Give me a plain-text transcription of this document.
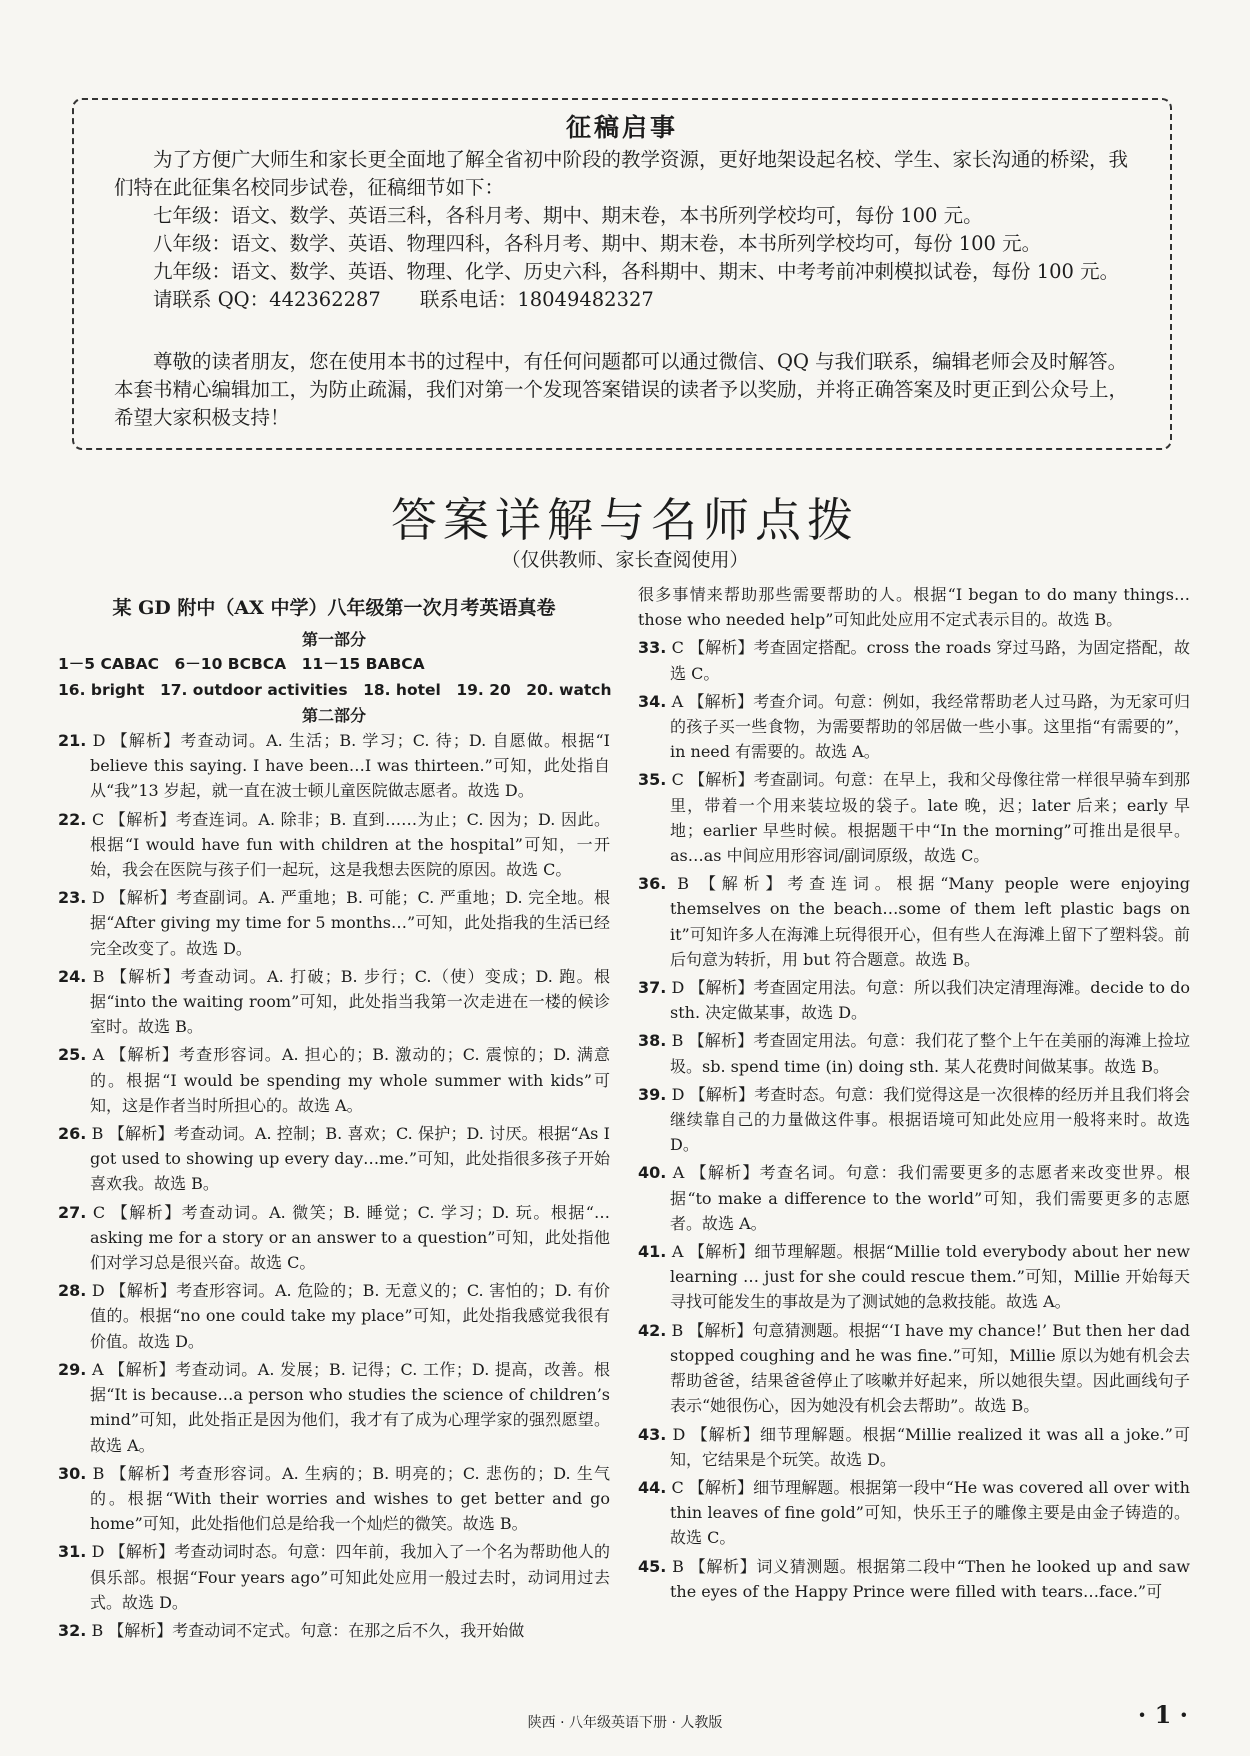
征稿启事

为了方便广大师生和家长更全面地了解全省初中阶段的教学资源，更好地架设起名校、学生、家长沟通的桥梁，我们特在此征集名校同步试卷，征稿细节如下：

七年级：语文、数学、英语三科，各科月考、期中、期末卷，本书所列学校均可，每份 100 元。
八年级：语文、数学、英语、物理四科，各科月考、期中、期末卷，本书所列学校均可，每份 100 元。
九年级：语文、数学、英语、物理、化学、历史六科，各科期中、期末、中考考前冲刺模拟试卷，每份 100 元。
请联系 QQ：442362287　　联系电话：18049482327

尊敬的读者朋友，您在使用本书的过程中，有任何问题都可以通过微信、QQ 与我们联系，编辑老师会及时解答。本套书精心编辑加工，为防止疏漏，我们对第一个发现答案错误的读者予以奖励，并将正确答案及时更正到公众号上，希望大家积极支持！

答案详解与名师点拨
（仅供教师、家长查阅使用）
某 GD 附中（AX 中学）八年级第一次月考英语真卷
第一部分
1－5 CABAC　6－10 BCBCA　11－15 BABCA
16. bright　17. outdoor activities　18. hotel　19. 20　20. watch
第二部分

21. D 【解析】考查动词。A. 生活；B. 学习；C. 待；D. 自愿做。根据“I believe this saying. I have been…I was thirteen.”可知，此处指自从“我”13 岁起，就一直在波士顿儿童医院做志愿者。故选 D。

22. C 【解析】考查连词。A. 除非；B. 直到……为止；C. 因为；D. 因此。根据“I would have fun with children at the hospital”可知，一开始，我会在医院与孩子们一起玩，这是我想去医院的原因。故选 C。

23. D 【解析】考查副词。A. 严重地；B. 可能；C. 严重地；D. 完全地。根据“After giving my time for 5 months…”可知，此处指我的生活已经完全改变了。故选 D。

24. B 【解析】考查动词。A. 打破；B. 步行；C.（使）变成；D. 跑。根据“into the waiting room”可知，此处指当我第一次走进在一楼的候诊室时。故选 B。

25. A 【解析】考查形容词。A. 担心的；B. 激动的；C. 震惊的；D. 满意的。根据“I would be spending my whole summer with kids”可知，这是作者当时所担心的。故选 A。

26. B 【解析】考查动词。A. 控制；B. 喜欢；C. 保护；D. 讨厌。根据“As I got used to showing up every day…me.”可知，此处指很多孩子开始喜欢我。故选 B。

27. C 【解析】考查动词。A. 微笑；B. 睡觉；C. 学习；D. 玩。根据“…asking me for a story or an answer to a question”可知，此处指他们对学习总是很兴奋。故选 C。

28. D 【解析】考查形容词。A. 危险的；B. 无意义的；C. 害怕的；D. 有价值的。根据“no one could take my place”可知，此处指我感觉我很有价值。故选 D。

29. A 【解析】考查动词。A. 发展；B. 记得；C. 工作；D. 提高，改善。根据“It is because…a person who studies the science of children’s mind”可知，此处指正是因为他们，我才有了成为心理学家的强烈愿望。故选 A。

30. B 【解析】考查形容词。A. 生病的；B. 明亮的；C. 悲伤的；D. 生气的。根据“With their worries and wishes to get better and go home”可知，此处指他们总是给我一个灿烂的微笑。故选 B。

31. D 【解析】考查动词时态。句意：四年前，我加入了一个名为帮助他人的俱乐部。根据“Four years ago”可知此处应用一般过去时，动词用过去式。故选 D。

32. B 【解析】考查动词不定式。句意：在那之后不久，我开始做

很多事情来帮助那些需要帮助的人。根据“I began to do many things…those who needed help”可知此处应用不定式表示目的。故选 B。

33. C 【解析】考查固定搭配。cross the roads 穿过马路，为固定搭配，故选 C。

34. A 【解析】考查介词。句意：例如，我经常帮助老人过马路，为无家可归的孩子买一些食物，为需要帮助的邻居做一些小事。这里指“有需要的”，in need 有需要的。故选 A。

35. C 【解析】考查副词。句意：在早上，我和父母像往常一样很早骑车到那里，带着一个用来装垃圾的袋子。late 晚，迟；later 后来；early 早地；earlier 早些时候。根据题干中“In the morning”可推出是很早。as…as 中间应用形容词/副词原级，故选 C。

36. B 【解析】考查连词。根据“Many people were enjoying themselves on the beach…some of them left plastic bags on it”可知许多人在海滩上玩得很开心，但有些人在海滩上留下了塑料袋。前后句意为转折，用 but 符合题意。故选 B。

37. D 【解析】考查固定用法。句意：所以我们决定清理海滩。decide to do sth. 决定做某事，故选 D。

38. B 【解析】考查固定用法。句意：我们花了整个上午在美丽的海滩上捡垃圾。sb. spend time (in) doing sth. 某人花费时间做某事。故选 B。

39. D 【解析】考查时态。句意：我们觉得这是一次很棒的经历并且我们将会继续靠自己的力量做这件事。根据语境可知此处应用一般将来时。故选 D。

40. A 【解析】考查名词。句意：我们需要更多的志愿者来改变世界。根据“to make a difference to the world”可知，我们需要更多的志愿者。故选 A。

41. A 【解析】细节理解题。根据“Millie told everybody about her new learning … just for she could rescue them.”可知，Millie 开始每天寻找可能发生的事故是为了测试她的急救技能。故选 A。

42. B 【解析】句意猜测题。根据“‘I have my chance!’ But then her dad stopped coughing and he was fine.”可知，Millie 原以为她有机会去帮助爸爸，结果爸爸停止了咳嗽并好起来，所以她很失望。因此画线句子表示“她很伤心，因为她没有机会去帮助”。故选 B。

43. D 【解析】细节理解题。根据“Millie realized it was all a joke.”可知，它结果是个玩笑。故选 D。

44. C 【解析】细节理解题。根据第一段中“He was covered all over with thin leaves of fine gold”可知，快乐王子的雕像主要是由金子铸造的。故选 C。

45. B 【解析】词义猜测题。根据第二段中“Then he looked up and saw the eyes of the Happy Prince were filled with tears…face.”可

陕西 · 八年级英语下册 · 人教版	· 1 ·
